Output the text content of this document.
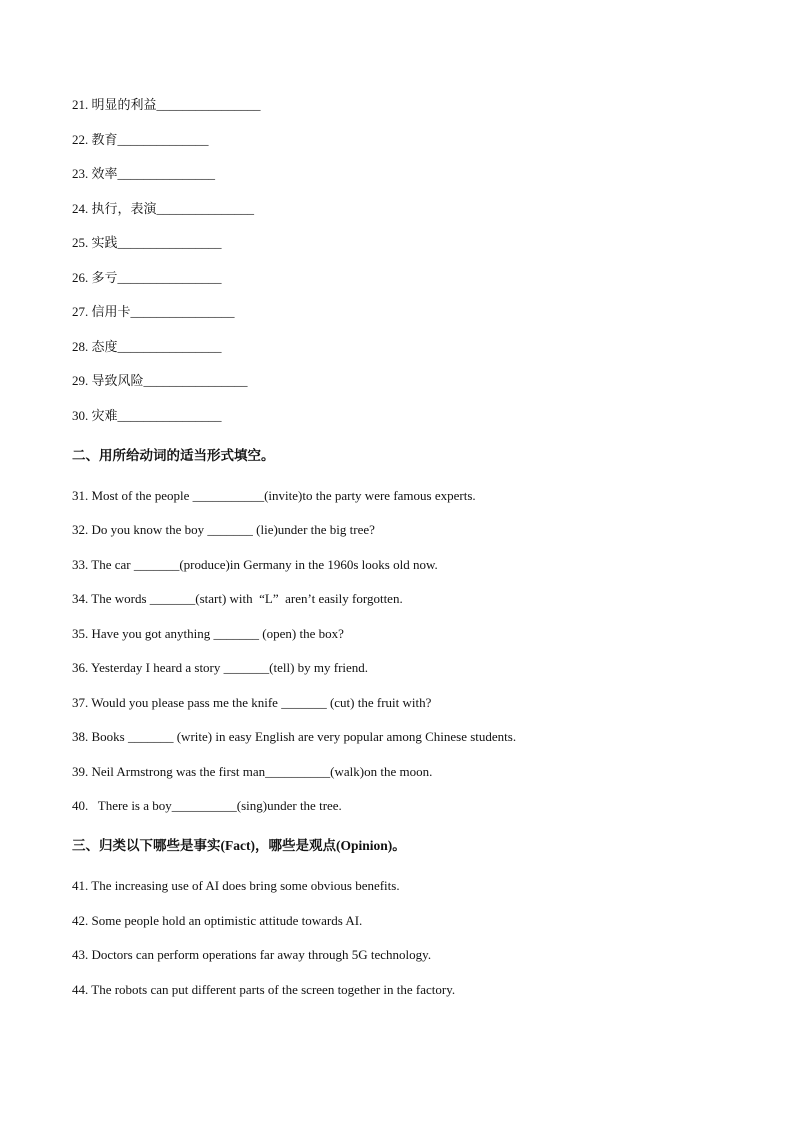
21. 明显的利益________________
22. 教育______________
23. 效率_______________
24. 执行，表演_______________
25. 实践________________
26. 多亏________________
27. 信用卡________________
28. 态度________________
29. 导致风险________________
30. 灾难________________
二、用所给动词的适当形式填空。
31. Most of the people ___________(invite)to the party were famous experts.
32. Do you know the boy _______ (lie)under the big tree?
33. The car _______(produce)in Germany in the 1960s looks old now.
34. The words _______(start) with  “L”  aren’t easily forgotten.
35. Have you got anything _______ (open) the box?
36. Yesterday I heard a story _______(tell) by my friend.
37. Would you please pass me the knife _______ (cut) the fruit with?
38. Books _______ (write) in easy English are very popular among Chinese students.
39. Neil Armstrong was the first man__________(walk)on the moon.
40.   There is a boy__________(sing)under the tree.
三、归类以下哪些是事实(Fact)，哪些是观点(Opinion)。
41. The increasing use of AI does bring some obvious benefits.
42. Some people hold an optimistic attitude towards AI.
43. Doctors can perform operations far away through 5G technology.
44. The robots can put different parts of the screen together in the factory.
